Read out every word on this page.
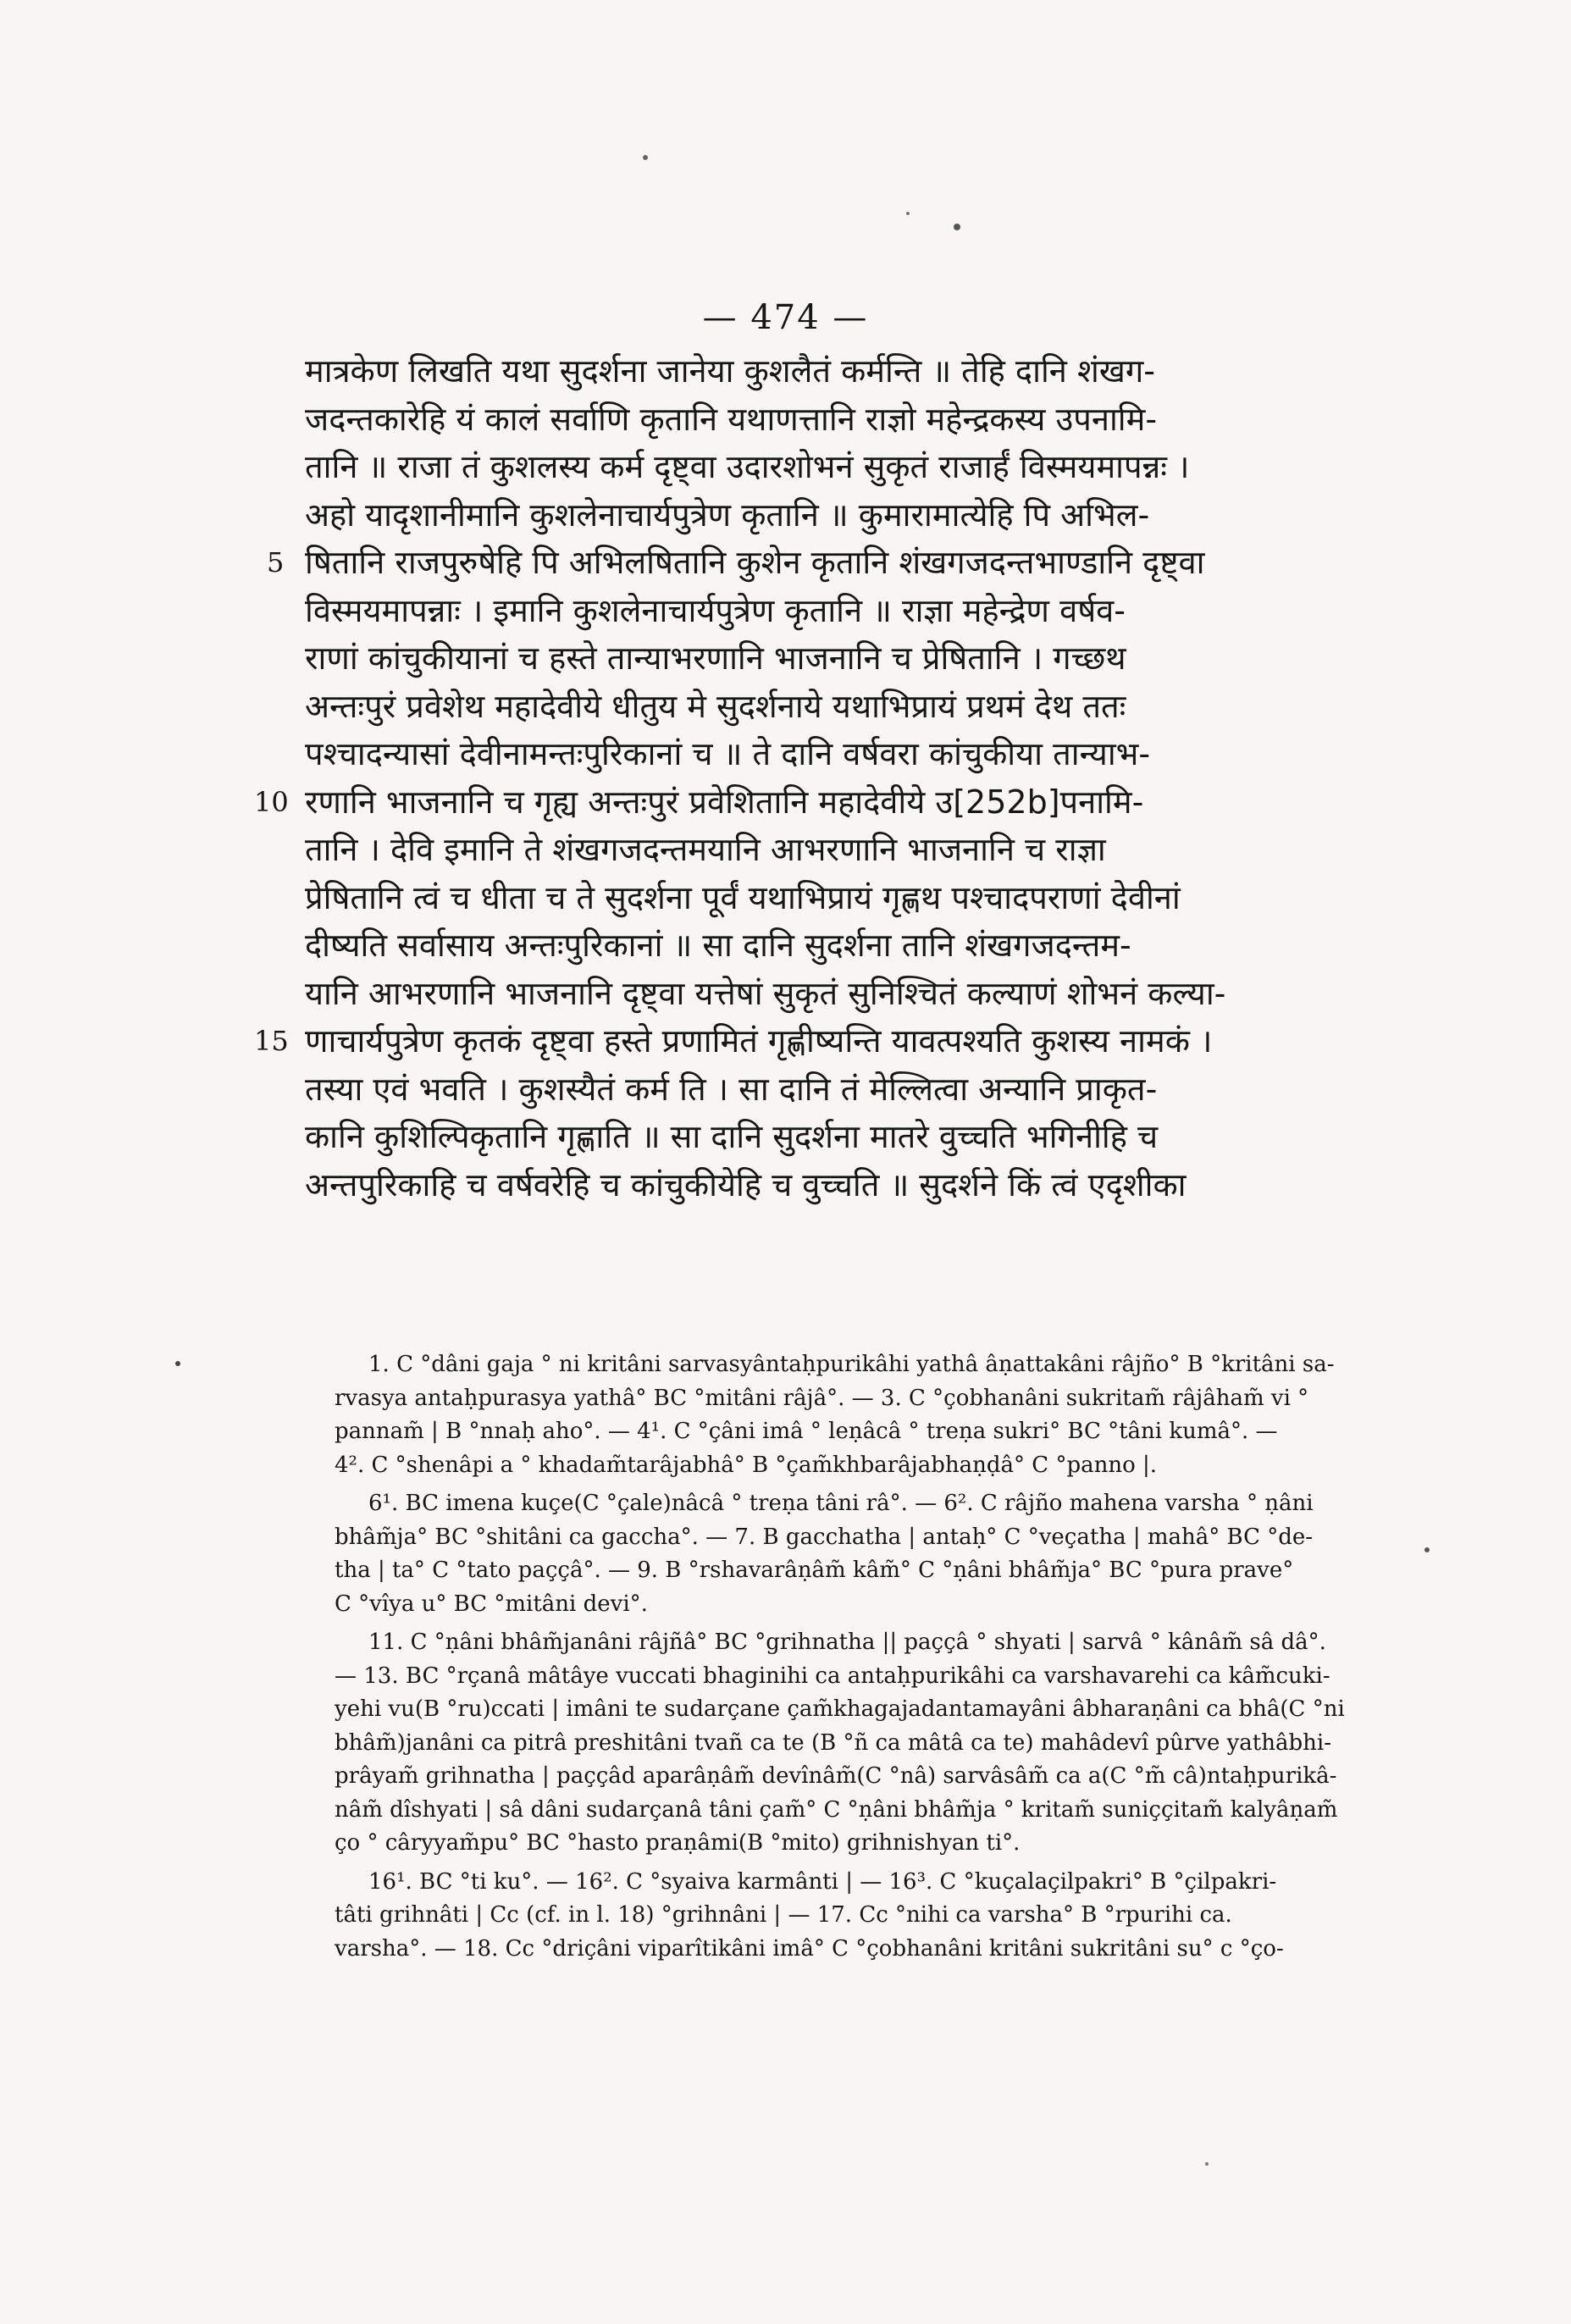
— 474 —
मात्रकेण लिखति यथा सुदर्शना जानेया कुशलैतं कर्मन्ति ॥ तेहि दानि शंखग-
जदन्तकारेहि यं कालं सर्वाणि कृतानि यथाणत्तानि राज्ञो महेन्द्रकस्य उपनामि-
तानि ॥ राजा तं कुशलस्य कर्म दृष्ट्वा उदारशोभनं सुकृतं राजार्हं विस्मयमापन्नः ।
अहो यादृशानीमानि कुशलेनाचार्यपुत्रेण कृतानि ॥ कुमारामात्येहि पि अभिल-
5 षितानि राजपुरुषेहि पि अभिलषितानि कुशेन कृतानि शंखगजदन्तभाण्डानि दृष्ट्वा
विस्मयमापन्नाः । इमानि कुशलेनाचार्यपुत्रेण कृतानि ॥ राज्ञा महेन्द्रेण वर्षव-
राणां कांचुकीयानां च हस्ते तान्याभरणानि भाजनानि च प्रेषितानि । गच्छथ
अन्तःपुरं प्रवेशेथ महादेवीये धीतुय मे सुदर्शनाये यथाभिप्रायं प्रथमं देथ ततः
पश्चादन्यासां देवीनामन्तःपुरिकानां च ॥ ते दानि वर्षवरा कांचुकीया तान्याभ-
10 रणानि भाजनानि च गृह्य अन्तःपुरं प्रवेशितानि महादेवीये उ[252b]पनामि-
तानि । देवि इमानि ते शंखगजदन्तमयानि आभरणानि भाजनानि च राज्ञा
प्रेषितानि त्वं च धीता च ते सुदर्शना पूर्वं यथाभिप्रायं गृह्णथ पश्चादपराणां देवीनां
दीष्यति सर्वासाय अन्तःपुरिकानां ॥ सा दानि सुदर्शना तानि शंखगजदन्तम-
यानि आभरणानि भाजनानि दृष्ट्वा यत्तेषां सुकृतं सुनिश्चितं कल्याणं शोभनं कल्या-
15 णाचार्यपुत्रेण कृतकं दृष्ट्वा हस्ते प्रणामितं गृह्णीष्यन्ति यावत्पश्यति कुशस्य नामकं ।
तस्या एवं भवति । कुशस्यैतं कर्म ति । सा दानि तं मेल्लित्वा अन्यानि प्राकृत-
कानि कुशिल्पिकृतानि गृह्णाति ॥ सा दानि सुदर्शना मातरे वुच्चति भगिनीहि च
अन्तपुरिकाहि च वर्षवरेहि च कांचुकीयेहि च वुच्चति ॥ सुदर्शने किं त्वं एदृशीका
1. C °dâni gaja ° ni kritâni sarvasyântaḥpurikâhi yathâ âṇattakâni râjño° B °kritâni sa-
rvasya antaḥpurasya yathâ° BC °mitâni râjâ°. — 3. C °çobhanâni sukritam̃ râjâham̃ vi °
pannam̃ | B °nnaḥ aho°. — 4¹. C °çâni imâ ° leṇâcâ ° treṇa sukri° BC °tâni kumâ°. —
4². C °shenâpi a ° khadam̃tarâjabhâ° B °çam̃khbarâjabhaṇḍâ° C °panno |.
6¹. BC imena kuçe(C °çale)nâcâ ° treṇa tâni râ°. — 6². C râjño mahena varsha ° ṇâni
bhâm̃ja° BC °shitâni ca gaccha°. — 7. B gacchatha | antaḥ° C °veçatha | mahâ° BC °de-
tha | ta° C °tato paççâ°. — 9. B °rshavarâṇâm̃ kâm̃° C °ṇâni bhâm̃ja° BC °pura prave°
C °vîya u° BC °mitâni devi°.
11. C °ṇâni bhâm̃janâni râjñâ° BC °grihnatha || paççâ ° shyati | sarvâ ° kânâm̃ sâ dâ°.
— 13. BC °rçanâ mâtâye vuccati bhaginihi ca antaḥpurikâhi ca varshavarehi ca kâm̃cuki-
yehi vu(B °ru)ccati | imâni te sudarçane çam̃khagajadantamayâni âbharaṇâni ca bhâ(C °ni
bhâm̃)janâni ca pitrâ preshitâni tvañ ca te (B °ñ ca mâtâ ca te) mahâdevî pûrve yathâbhi-
prâyam̃ grihnatha | paççâd aparâṇâm̃ devînâm̃(C °nâ) sarvâsâm̃ ca a(C °m̃ câ)ntaḥpurikâ-
nâm̃ dîshyati | sâ dâni sudarçanâ tâni çam̃° C °ṇâni bhâm̃ja ° kritam̃ suniççitam̃ kalyâṇam̃
ço ° câryyam̃pu° BC °hasto praṇâmi(B °mito) grihnishyan ti°.
16¹. BC °ti ku°. — 16². C °syaiva karmânti | — 16³. C °kuçalaçilpakri° B °çilpakri-
tâti grihnâti | Cc (cf. in l. 18) °grihnâni | — 17. Cc °nihi ca varsha° B °rpurihi ca.
varsha°. — 18. Cc °driçâni viparîtikâni imâ° C °çobhanâni kritâni sukritâni su° c °ço-
